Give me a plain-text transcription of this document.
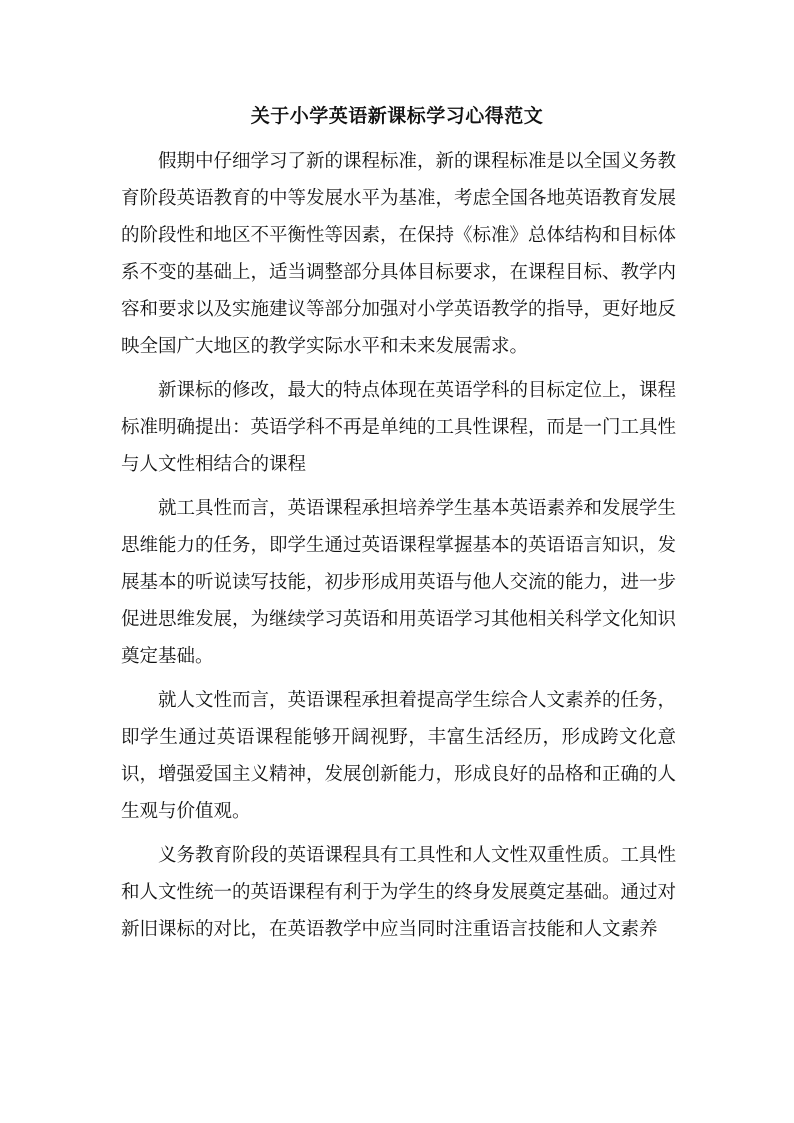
关于小学英语新课标学习心得范文

假期中仔细学习了新的课程标准，新的课程标准是以全国义务教育阶段英语教育的中等发展水平为基准，考虑全国各地英语教育发展的阶段性和地区不平衡性等因素，在保持《标准》总体结构和目标体系不变的基础上，适当调整部分具体目标要求，在课程目标、教学内容和要求以及实施建议等部分加强对小学英语教学的指导，更好地反映全国广大地区的教学实际水平和未来发展需求。

新课标的修改，最大的特点体现在英语学科的目标定位上，课程标准明确提出：英语学科不再是单纯的工具性课程，而是一门工具性与人文性相结合的课程

就工具性而言，英语课程承担培养学生基本英语素养和发展学生思维能力的任务，即学生通过英语课程掌握基本的英语语言知识，发展基本的听说读写技能，初步形成用英语与他人交流的能力，进一步促进思维发展，为继续学习英语和用英语学习其他相关科学文化知识奠定基础。

就人文性而言，英语课程承担着提高学生综合人文素养的任务，即学生通过英语课程能够开阔视野，丰富生活经历，形成跨文化意识，增强爱国主义精神，发展创新能力，形成良好的品格和正确的人生观与价值观。

义务教育阶段的英语课程具有工具性和人文性双重性质。工具性和人文性统一的英语课程有利于为学生的终身发展奠定基础。通过对新旧课标的对比，在英语教学中应当同时注重语言技能和人文素养
